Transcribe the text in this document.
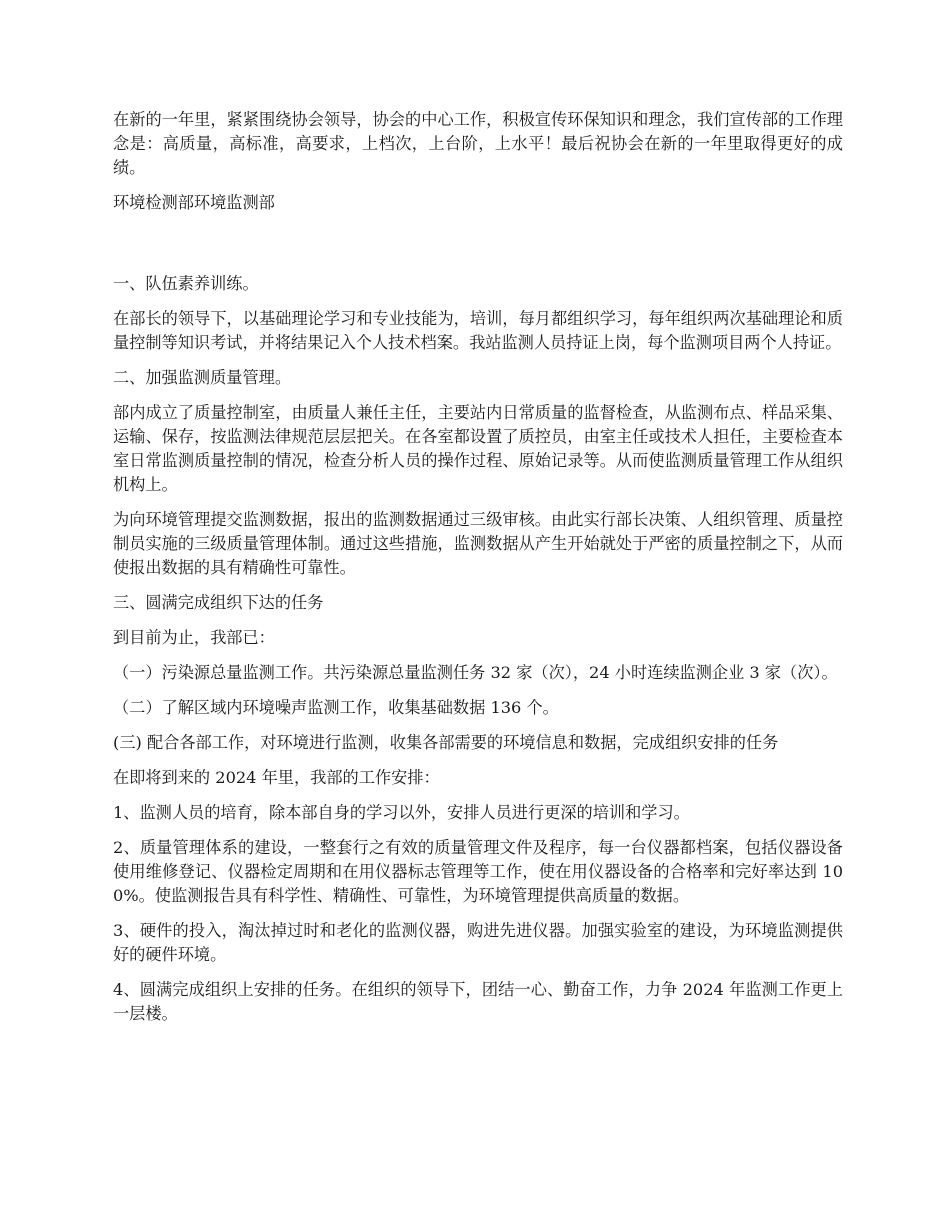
在新的一年里，紧紧围绕协会领导，协会的中心工作，积极宣传环保知识和理念，我们宣传部的工作理念是：高质量，高标准，高要求，上档次，上台阶，上水平！最后祝协会在新的一年里取得更好的成绩。

环境检测部环境监测部

一、队伍素养训练。

在部长的领导下，以基础理论学习和专业技能为，培训，每月都组织学习，每年组织两次基础理论和质量控制等知识考试，并将结果记入个人技术档案。我站监测人员持证上岗，每个监测项目两个人持证。

二、加强监测质量管理。

部内成立了质量控制室，由质量人兼任主任，主要站内日常质量的监督检查，从监测布点、样品采集、运输、保存，按监测法律规范层层把关。在各室都设置了质控员，由室主任或技术人担任，主要检查本室日常监测质量控制的情况，检查分析人员的操作过程、原始记录等。从而使监测质量管理工作从组织机构上。

为向环境管理提交监测数据，报出的监测数据通过三级审核。由此实行部长决策、人组织管理、质量控制员实施的三级质量管理体制。通过这些措施，监测数据从产生开始就处于严密的质量控制之下，从而使报出数据的具有精确性可靠性。

三、圆满完成组织下达的任务

到目前为止，我部已：

（一）污染源总量监测工作。共污染源总量监测任务 32 家（次），24 小时连续监测企业 3 家（次）。

（二）了解区域内环境噪声监测工作，收集基础数据 136 个。

(三) 配合各部工作，对环境进行监测，收集各部需要的环境信息和数据，完成组织安排的任务

在即将到来的 2024 年里，我部的工作安排：

1、监测人员的培育，除本部自身的学习以外，安排人员进行更深的培训和学习。

2、质量管理体系的建设，一整套行之有效的质量管理文件及程序，每一台仪器都档案，包括仪器设备使用维修登记、仪器检定周期和在用仪器标志管理等工作，使在用仪器设备的合格率和完好率达到 100%。使监测报告具有科学性、精确性、可靠性，为环境管理提供高质量的数据。

3、硬件的投入，淘汰掉过时和老化的监测仪器，购进先进仪器。加强实验室的建设，为环境监测提供好的硬件环境。

4、圆满完成组织上安排的任务。在组织的领导下，团结一心、勤奋工作，力争 2024 年监测工作更上一层楼。
